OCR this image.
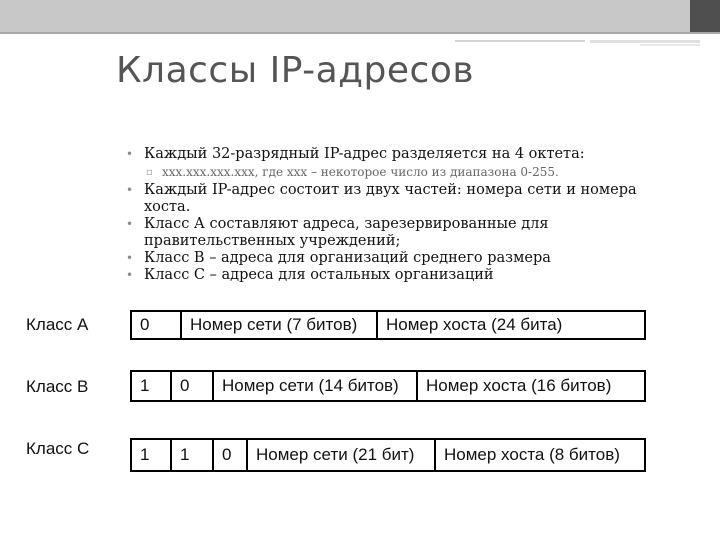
Классы IP-адресов
• Каждый 32-разрядный IP-адрес разделяется на 4 октета:
▫ xxx.xxx.xxx.xxx, где xxx – некоторое число из диапазона 0-255.
• Каждый IP-адрес состоит из двух частей: номера сети и номера хоста.
• Класс А составляют адреса, зарезервированные для правительственных учреждений;
• Класс В – адреса для организаций среднего размера
• Класс С – адреса для остальных организаций
Класс А	0	Номер сети (7 битов)	Номер хоста (24 бита)
Класс В	1	0	Номер сети (14 битов)	Номер хоста (16 битов)
Класс С	1	1	0	Номер сети (21 бит)	Номер хоста (8 битов)
